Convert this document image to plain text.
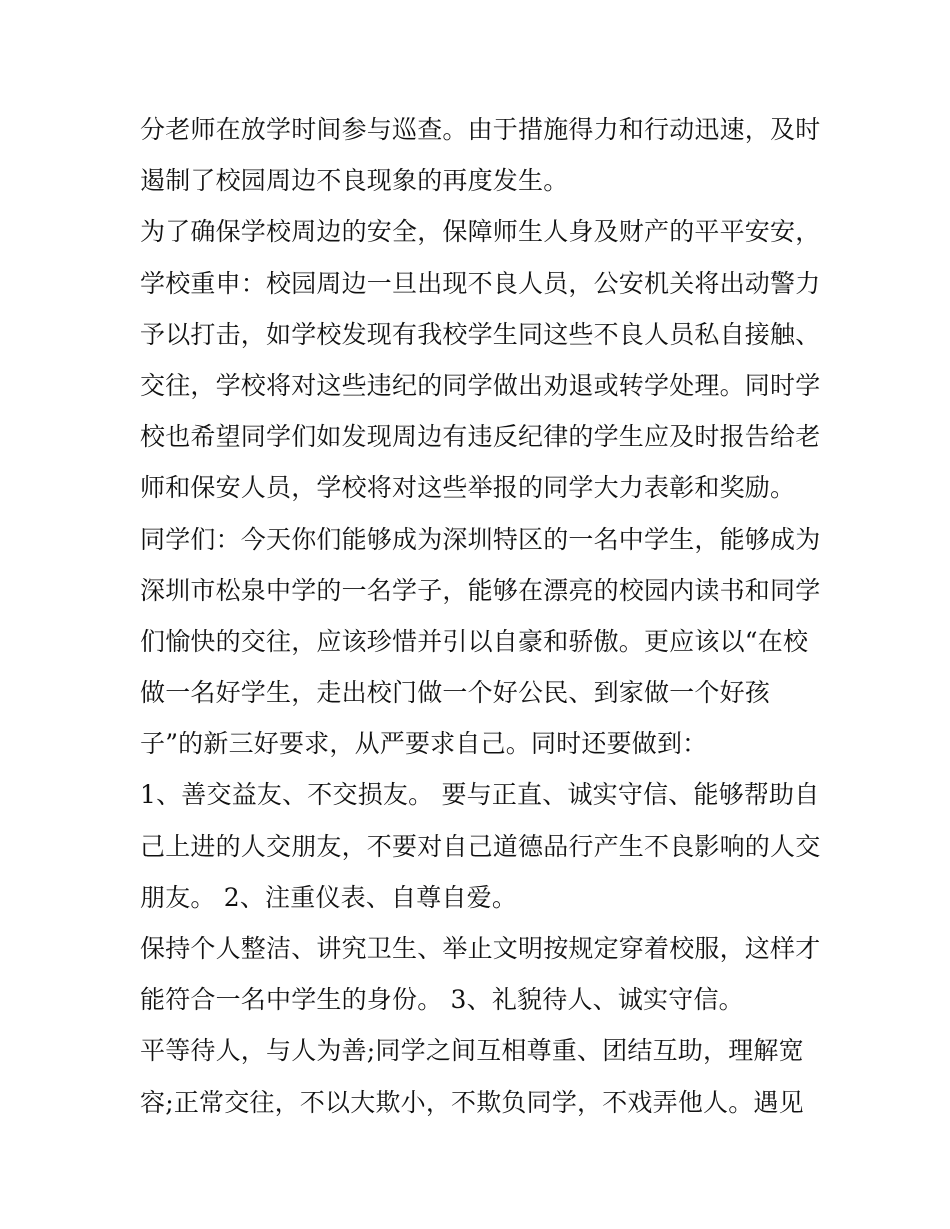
分老师在放学时间参与巡查。由于措施得力和行动迅速，及时
遏制了校园周边不良现象的再度发生。
为了确保学校周边的安全，保障师生人身及财产的平平安安，
学校重申：校园周边一旦出现不良人员，公安机关将出动警力
予以打击，如学校发现有我校学生同这些不良人员私自接触、
交往，学校将对这些违纪的同学做出劝退或转学处理。同时学
校也希望同学们如发现周边有违反纪律的学生应及时报告给老
师和保安人员，学校将对这些举报的同学大力表彰和奖励。
同学们：今天你们能够成为深圳特区的一名中学生，能够成为
深圳市松泉中学的一名学子，能够在漂亮的校园内读书和同学
们愉快的交往，应该珍惜并引以自豪和骄傲。更应该以“在校
做一名好学生，走出校门做一个好公民、到家做一个好孩
子”的新三好要求，从严要求自己。同时还要做到：
1、善交益友、不交损友。 要与正直、诚实守信、能够帮助自
己上进的人交朋友，不要对自己道德品行产生不良影响的人交
朋友。 2、注重仪表、自尊自爱。
保持个人整洁、讲究卫生、举止文明按规定穿着校服，这样才
能符合一名中学生的身份。 3、礼貌待人、诚实守信。
平等待人，与人为善;同学之间互相尊重、团结互助，理解宽
容;正常交往，不以大欺小，不欺负同学，不戏弄他人。遇见
